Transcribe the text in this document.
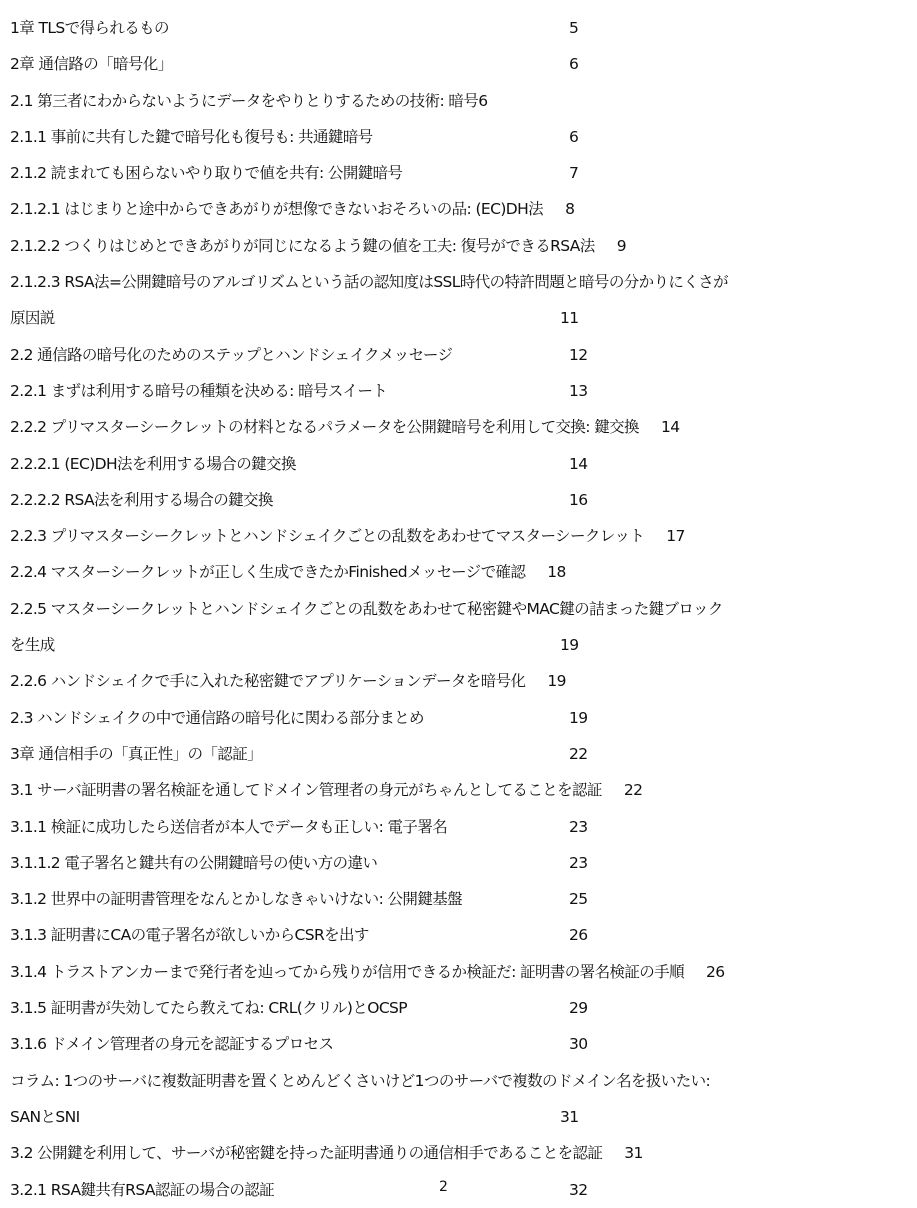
1章 TLSで得られるもの	5
2章 通信路の「暗号化」	6
2.1 第三者にわからないようにデータをやりとりするための技術: 暗号6
2.1.1 事前に共有した鍵で暗号化も復号も: 共通鍵暗号	6
2.1.2 読まれても困らないやり取りで値を共有: 公開鍵暗号	7
2.1.2.1 はじまりと途中からできあがりが想像できないおそろいの品: (EC)DH法 8
2.1.2.2 つくりはじめとできあがりが同じになるよう鍵の値を工夫: 復号ができるRSA法 9
2.1.2.3 RSA法=公開鍵暗号のアルゴリズムという話の認知度はSSL時代の特許問題と暗号の分かりにくさが
原因説	11
2.2 通信路の暗号化のためのステップとハンドシェイクメッセージ	12
2.2.1 まずは利用する暗号の種類を決める: 暗号スイート	13
2.2.2 プリマスターシークレットの材料となるパラメータを公開鍵暗号を利用して交換: 鍵交換 14
2.2.2.1 (EC)DH法を利用する場合の鍵交換	14
2.2.2.2 RSA法を利用する場合の鍵交換	16
2.2.3 プリマスターシークレットとハンドシェイクごとの乱数をあわせてマスターシークレット 17
2.2.4 マスターシークレットが正しく生成できたかFinishedメッセージで確認 18
2.2.5 マスターシークレットとハンドシェイクごとの乱数をあわせて秘密鍵やMAC鍵の詰まった鍵ブロック
を生成	19
2.2.6 ハンドシェイクで手に入れた秘密鍵でアプリケーションデータを暗号化 19
2.3 ハンドシェイクの中で通信路の暗号化に関わる部分まとめ	19
3章 通信相手の「真正性」の「認証」	22
3.1 サーバ証明書の署名検証を通してドメイン管理者の身元がちゃんとしてることを認証 22
3.1.1 検証に成功したら送信者が本人でデータも正しい: 電子署名	23
3.1.1.2 電子署名と鍵共有の公開鍵暗号の使い方の違い	23
3.1.2 世界中の証明書管理をなんとかしなきゃいけない: 公開鍵基盤	25
3.1.3 証明書にCAの電子署名が欲しいからCSRを出す	26
3.1.4 トラストアンカーまで発行者を辿ってから残りが信用できるか検証だ: 証明書の署名検証の手順 26
3.1.5 証明書が失効してたら教えてね: CRL(クリル)とOCSP	29
3.1.6 ドメイン管理者の身元を認証するプロセス	30
コラム: 1つのサーバに複数証明書を置くとめんどくさいけど1つのサーバで複数のドメイン名を扱いたい:
SANとSNI	31
3.2 公開鍵を利用して、サーバが秘密鍵を持った証明書通りの通信相手であることを認証 31
3.2.1 RSA鍵共有RSA認証の場合の認証	32
2
